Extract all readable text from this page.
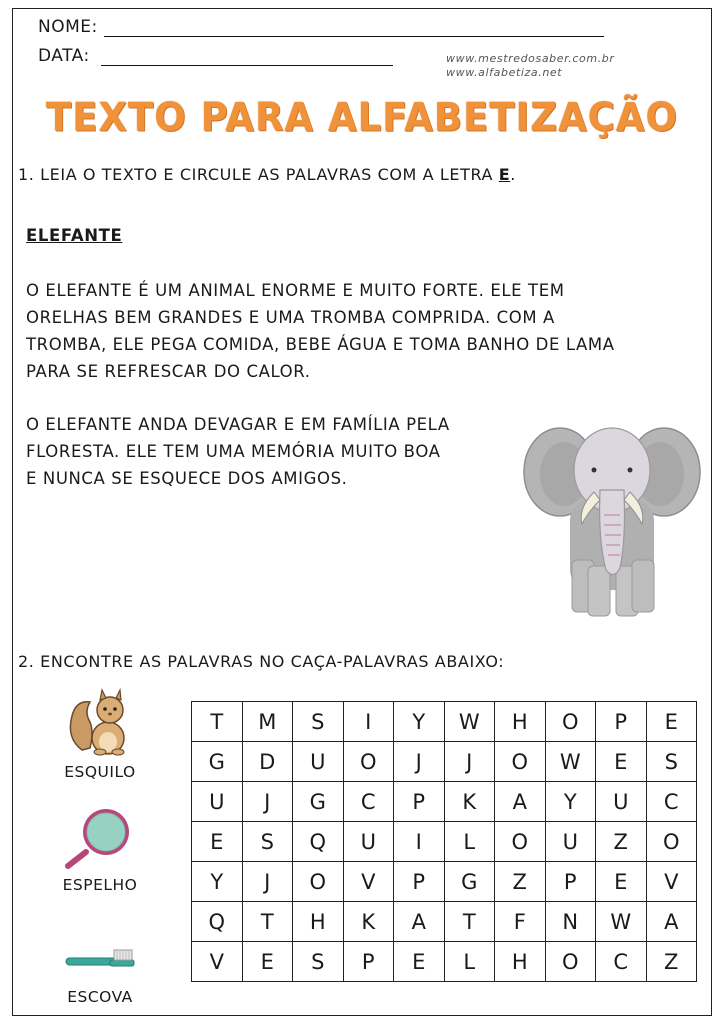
NOME:
DATA:	www.mestredosaber.com.br
www.alfabetiza.net
TEXTO PARA ALFABETIZAÇÃO
1. LEIA O TEXTO E CIRCULE AS PALAVRAS COM A LETRA E.
ELEFANTE
O ELEFANTE É UM ANIMAL ENORME E MUITO FORTE. ELE TEM
ORELHAS BEM GRANDES E UMA TROMBA COMPRIDA. COM A
TROMBA, ELE PEGA COMIDA, BEBE ÁGUA E TOMA BANHO DE LAMA
PARA SE REFRESCAR DO CALOR.
O ELEFANTE ANDA DEVAGAR E EM FAMÍLIA PELA
FLORESTA. ELE TEM UMA MEMÓRIA MUITO BOA
E NUNCA SE ESQUECE DOS AMIGOS.
2. ENCONTRE AS PALAVRAS NO CAÇA-PALAVRAS ABAIXO:
ESQUILO
ESPELHO
ESCOVA
T	M	S	I	Y	W	H	O	P	E
G	D	U	O	J	J	O	W	E	S
U	J	G	C	P	K	A	Y	U	C
E	S	Q	U	I	L	O	U	Z	O
Y	J	O	V	P	G	Z	P	E	V
Q	T	H	K	A	T	F	N	W	A
V	E	S	P	E	L	H	O	C	Z
